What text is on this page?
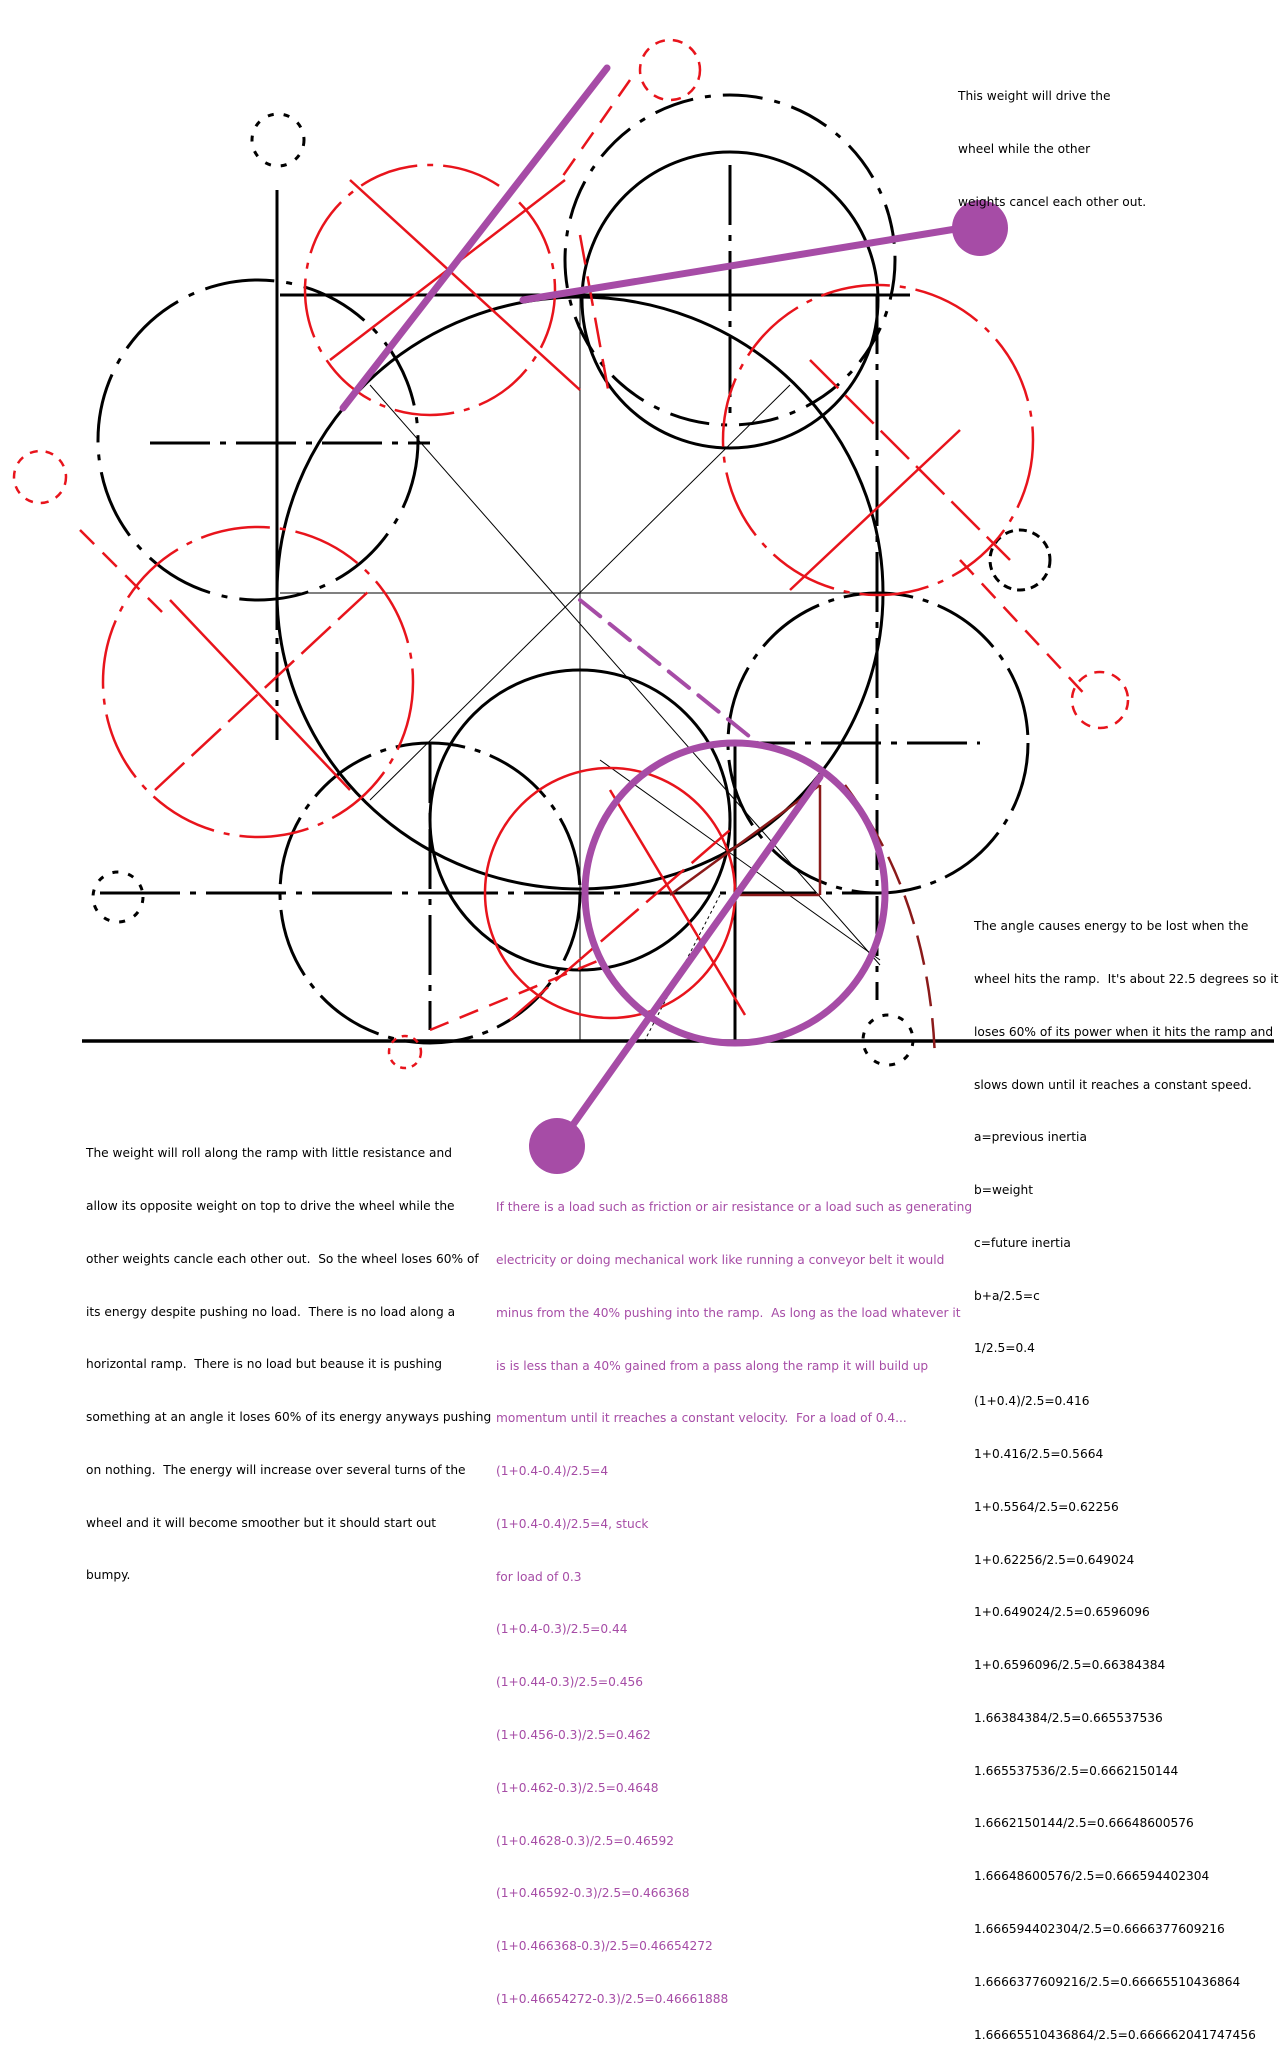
This weight will drive the

wheel while the other

weights cancel each other out.

The angle causes energy to be lost when the

wheel hits the ramp.  It's about 22.5 degrees so it

loses 60% of its power when it hits the ramp and

slows down until it reaches a constant speed.

a=previous inertia

b=weight

c=future inertia

b+a/2.5=c

1/2.5=0.4

(1+0.4)/2.5=0.416

1+0.416/2.5=0.5664

1+0.5564/2.5=0.62256

1+0.62256/2.5=0.649024

1+0.649024/2.5=0.6596096

1+0.6596096/2.5=0.66384384

1.66384384/2.5=0.665537536

1.665537536/2.5=0.6662150144

1.6662150144/2.5=0.66648600576

1.66648600576/2.5=0.666594402304

1.666594402304/2.5=0.6666377609216

1.6666377609216/2.5=0.66665510436864

1.66665510436864/2.5=0.666662041747456

The weight will roll along the ramp with little resistance and

allow its opposite weight on top to drive the wheel while the

other weights cancle each other out.  So the wheel loses 60% of

its energy despite pushing no load.  There is no load along a

horizontal ramp.  There is no load but beause it is pushing

something at an angle it loses 60% of its energy anyways pushing

on nothing.  The energy will increase over several turns of the

wheel and it will become smoother but it should start out

bumpy.

If there is a load such as friction or air resistance or a load such as generating

electricity or doing mechanical work like running a conveyor belt it would

minus from the 40% pushing into the ramp.  As long as the load whatever it

is is less than a 40% gained from a pass along the ramp it will build up

momentum until it rreaches a constant velocity.  For a load of 0.4...

(1+0.4-0.4)/2.5=4

(1+0.4-0.4)/2.5=4, stuck

for load of 0.3

(1+0.4-0.3)/2.5=0.44

(1+0.44-0.3)/2.5=0.456

(1+0.456-0.3)/2.5=0.462

(1+0.462-0.3)/2.5=0.4648

(1+0.4628-0.3)/2.5=0.46592

(1+0.46592-0.3)/2.5=0.466368

(1+0.466368-0.3)/2.5=0.46654272

(1+0.46654272-0.3)/2.5=0.46661888
